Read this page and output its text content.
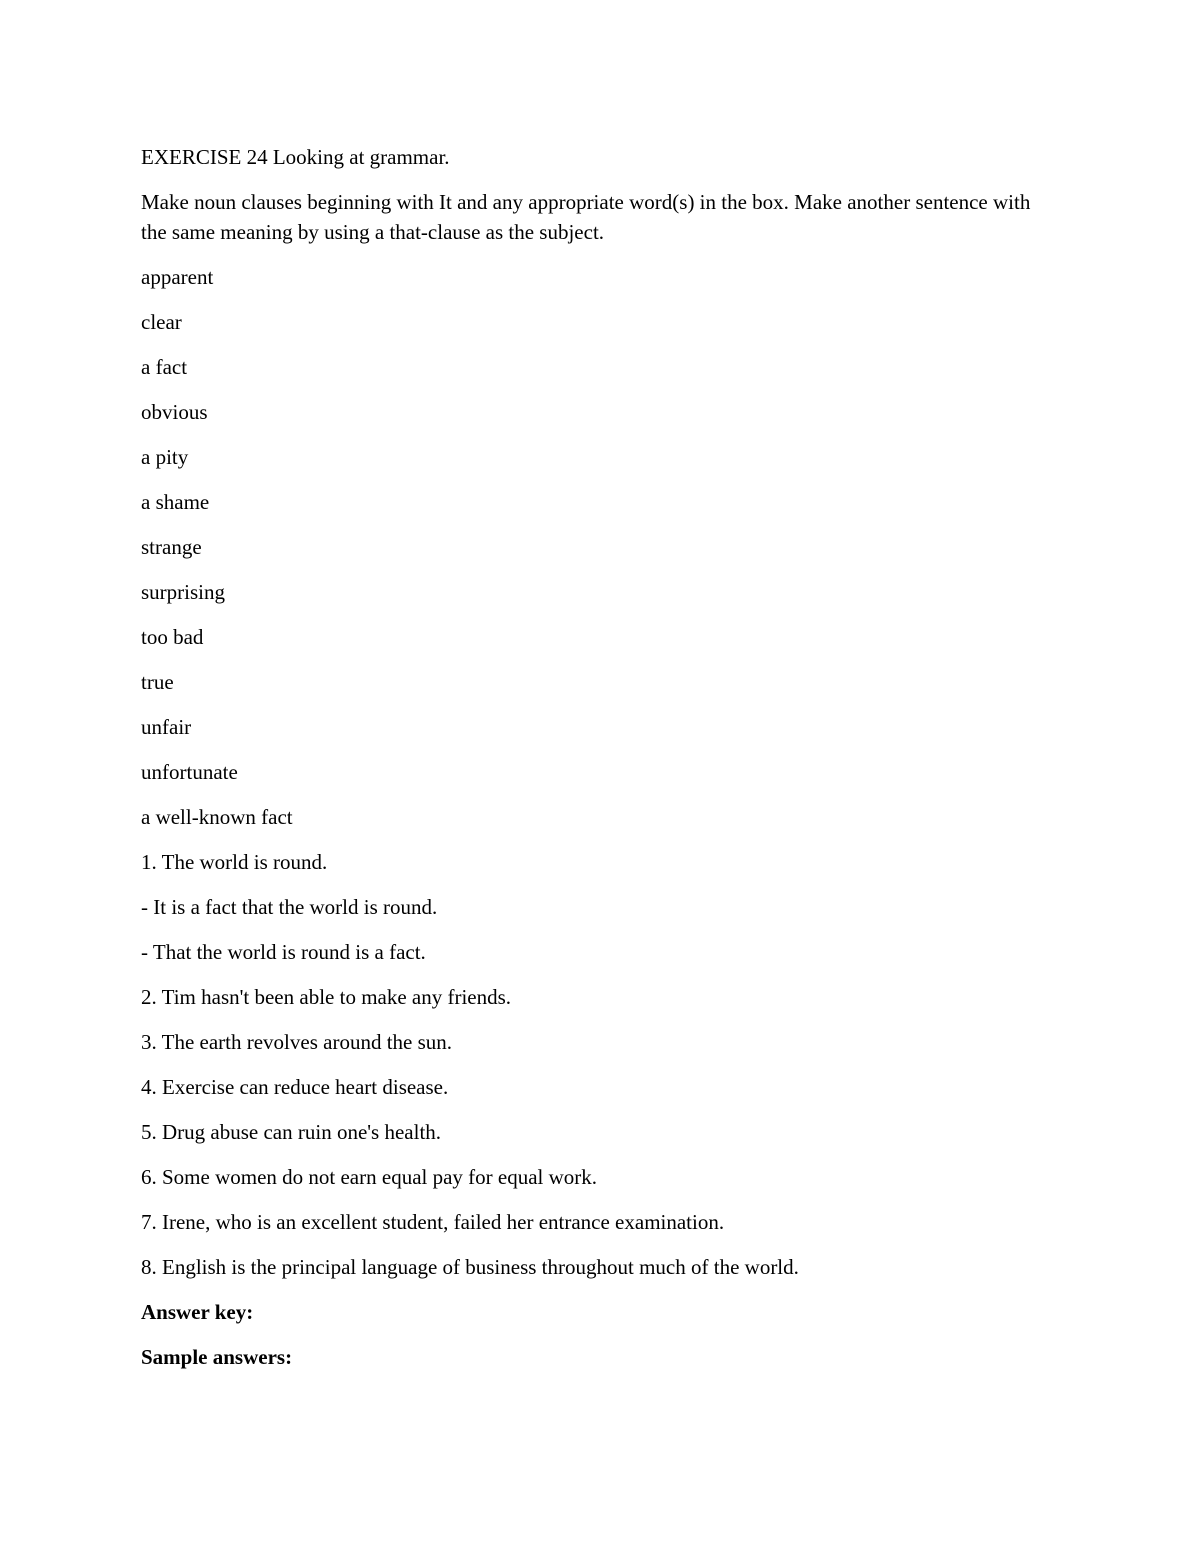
EXERCISE 24 Looking at grammar.

Make noun clauses beginning with It and any appropriate word(s) in the box. Make another sentence with the same meaning by using a that-clause as the subject.

apparent

clear

a fact

obvious

a pity

a shame

strange

surprising

too bad

true

unfair

unfortunate

a well-known fact

1. The world is round.

- It is a fact that the world is round.

- That the world is round is a fact.

2. Tim hasn't been able to make any friends.

3. The earth revolves around the sun.

4. Exercise can reduce heart disease.

5. Drug abuse can ruin one's health.

6. Some women do not earn equal pay for equal work.

7. Irene, who is an excellent student, failed her entrance examination.

8. English is the principal language of business throughout much of the world.

Answer key:

Sample answers:
